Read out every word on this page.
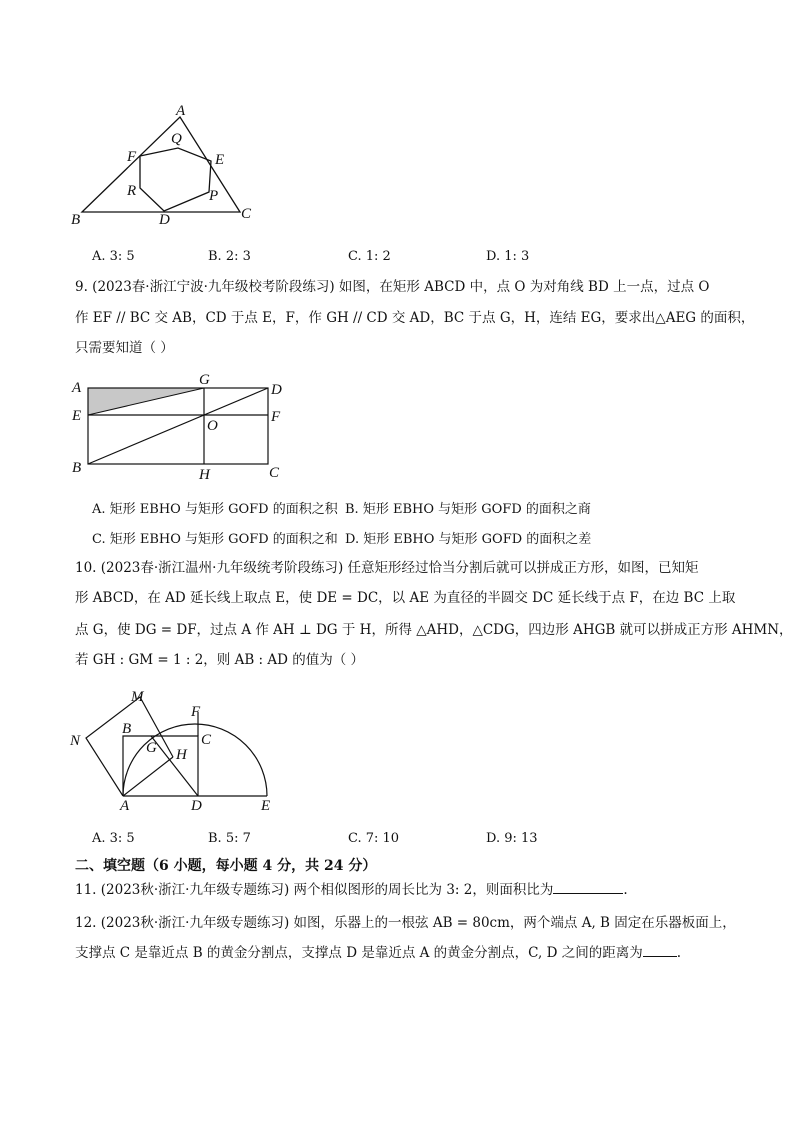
A
Q
F	E
R	P
B	D	C
A. 3: 5	B. 2: 3	C. 1: 2	D. 1: 3
9. (2023春·浙江宁波·九年级校考阶段练习) 如图，在矩形 ABCD 中，点 O 为对角线 BD 上一点，过点 O
作 EF // BC 交 AB，CD 于点 E，F，作 GH // CD 交 AD，BC 于点 G，H，连结 EG，要求出△AEG 的面积，
只需要知道（ ）
A	G
D
E	F
O
B	H	C
A. 矩形 EBHO 与矩形 GOFD 的面积之积 B. 矩形 EBHO 与矩形 GOFD 的面积之商
C. 矩形 EBHO 与矩形 GOFD 的面积之和 D. 矩形 EBHO 与矩形 GOFD 的面积之差
10. (2023春·浙江温州·九年级统考阶段练习) 任意矩形经过恰当分割后就可以拼成正方形，如图，已知矩
形 ABCD，在 AD 延长线上取点 E，使 DE = DC，以 AE 为直径的半圆交 DC 延长线于点 F，在边 BC 上取
点 G，使 DG = DF，过点 A 作 AH ⊥ DG 于 H，所得 △AHD，△CDG，四边形 AHGB 就可以拼成正方形 AHMN，
若 GH : GM = 1 : 2，则 AB : AD 的值为（ ）
M
F
N
B
C
G H
A	D	E
A. 3: 5	B. 5: 7	C. 7: 10	D. 9: 13
二、填空题（6 小题，每小题 4 分，共 24 分）
11. (2023秋·浙江·九年级专题练习) 两个相似图形的周长比为 3: 2，则面积比为	.
12. (2023秋·浙江·九年级专题练习) 如图，乐器上的一根弦 AB = 80cm，两个端点 A, B 固定在乐器板面上，
支撑点 C 是靠近点 B 的黄金分割点，支撑点 D 是靠近点 A 的黄金分割点，C, D 之间的距离为	.
